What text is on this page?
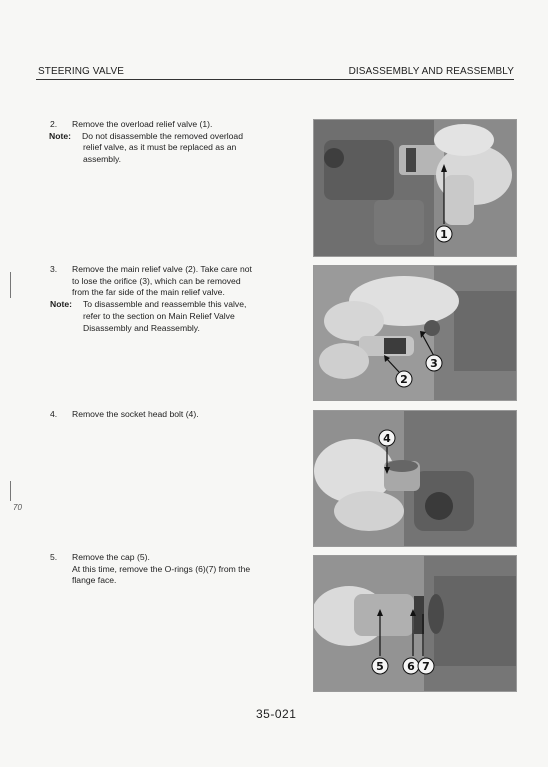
STEERING VALVE	DISASSEMBLY AND REASSEMBLY
2.	Remove the overload relief valve (1).
Note:	Do not disassemble the removed overload
relief valve, as it must be replaced as an
assembly.
3.	Remove the main relief valve (2). Take care not
to lose the orifice (3), which can be removed
from the far side of the main relief valve.
Note:	To disassemble and reassemble this valve,
refer to the section on Main Relief Valve
Disassembly and Reassembly.
4.	Remove the socket head bolt (4).
5.	Remove the cap (5).
At this time, remove the O-rings (6)(7) from the
flange face.
1
3
2
4
5 6 7
70
35-021
